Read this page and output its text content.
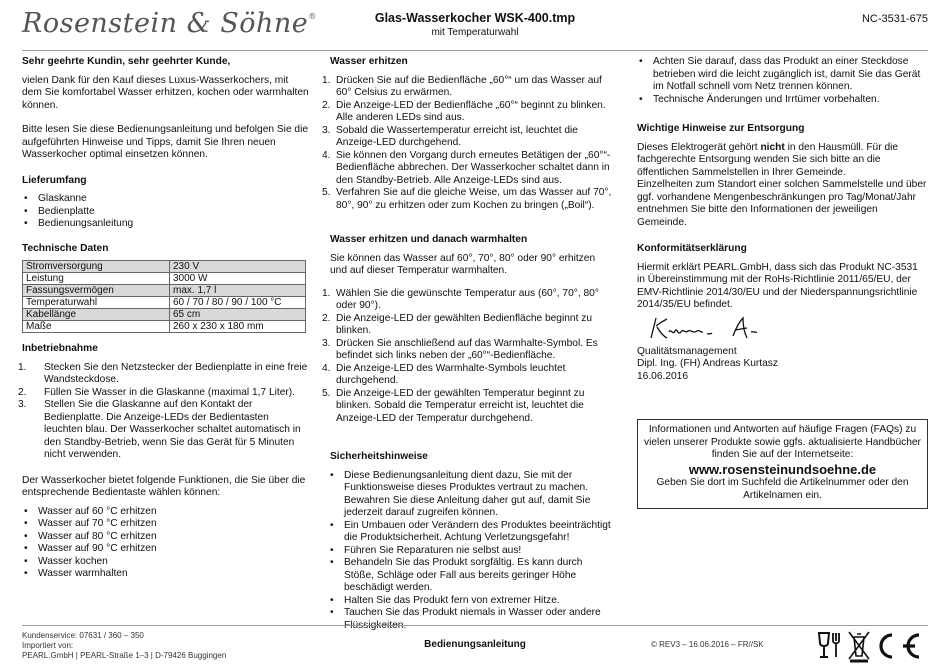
Rosenstein & Söhne®	Glas-Wasserkocher WSK-400.tmp
mit Temperaturwahl
NC-3531-675
Sehr geehrte Kundin, sehr geehrter Kunde,

vielen Dank für den Kauf dieses Luxus-Wasserkochers, mit dem Sie komfortabel Wasser erhitzen, kochen oder warmhalten können.

Bitte lesen Sie diese Bedienungsanleitung und befolgen Sie die aufgeführten Hinweise und Tipps, damit Sie Ihren neuen Wasserkocher optimal einsetzen können.

Lieferumfang
• Glaskanne
• Bedienplatte
• Bedienungsanleitung
Technische Daten
Stromversorgung	230 V
Leistung	3000 W
Fassungsvermögen	max. 1,7 l
Temperaturwahl	60 / 70 / 80 / 90 / 100 °C
Kabellänge	65 cm
Maße	260 x 230 x 180 mm
Inbetriebnahme
1. Stecken Sie den Netzstecker der Bedienplatte in eine freie Wandsteckdose.
2. Füllen Sie Wasser in die Glaskanne (maximal 1,7 Liter).
3. Stellen Sie die Glaskanne auf den Kontakt der Bedienplatte. Die Anzeige-LEDs der Bedientasten leuchten blau. Der Wasserkocher schaltet automatisch in den Standby-Betrieb, wenn Sie das Gerät für 5 Minuten nicht verwenden.

Der Wasserkocher bietet folgende Funktionen, die Sie über die entsprechende Bedientaste wählen können:

• Wasser auf 60 °C erhitzen
• Wasser auf 70 °C erhitzen
• Wasser auf 80 °C erhitzen
• Wasser auf 90 °C erhitzen
• Wasser kochen
• Wasser warmhalten
Wasser erhitzen
1. Drücken Sie auf die Bedienfläche „60°“ um das Wasser auf 60° Celsius zu erwärmen.
2. Die Anzeige-LED der Bedienfläche „60°“ beginnt zu blinken. Alle anderen LEDs sind aus.
3. Sobald die Wassertemperatur erreicht ist, leuchtet die Anzeige-LED durchgehend.
4. Sie können den Vorgang durch erneutes Betätigen der „60°“-Bedienfläche abbrechen. Der Wasserkocher schaltet dann in den Standby-Betrieb. Alle Anzeige-LEDs sind aus.
5. Verfahren Sie auf die gleiche Weise, um das Wasser auf 70°, 80°, 90° zu erhitzen oder zum Kochen zu bringen („Boil“).
Wasser erhitzen und danach warmhalten

Sie können das Wasser auf 60°, 70°, 80° oder 90° erhitzen und auf dieser Temperatur warmhalten.

1. Wählen Sie die gewünschte Temperatur aus (60°, 70°, 80° oder 90°).
2. Die Anzeige-LED der gewählten Bedienfläche beginnt zu blinken.
3. Drücken Sie anschließend auf das Warmhalte-Symbol. Es befindet sich links neben der „60°“-Bedienfläche.
4. Die Anzeige-LED des Warmhalte-Symbols leuchtet durchgehend.
5. Die Anzeige-LED der gewählten Temperatur beginnt zu blinken. Sobald die Temperatur erreicht ist, leuchtet die Anzeige-LED der Temperatur durchgehend.
Sicherheitshinweise
• Diese Bedienungsanleitung dient dazu, Sie mit der Funktionsweise dieses Produktes vertraut zu machen. Bewahren Sie diese Anleitung daher gut auf, damit Sie jederzeit darauf zugreifen können.
• Ein Umbauen oder Verändern des Produktes beeinträchtigt die Produktsicherheit. Achtung Verletzungsgefahr!
• Führen Sie Reparaturen nie selbst aus!
• Behandeln Sie das Produkt sorgfältig. Es kann durch Stöße, Schläge oder Fall aus bereits geringer Höhe beschädigt werden.
• Halten Sie das Produkt fern von extremer Hitze.
• Tauchen Sie das Produkt niemals in Wasser oder andere Flüssigkeiten.
• Achten Sie darauf, dass das Produkt an einer Steckdose betrieben wird die leicht zugänglich ist, damit Sie das Gerät im Notfall schnell vom Netz trennen können.
• Technische Änderungen und Irrtümer vorbehalten.
Wichtige Hinweise zur Entsorgung

Dieses Elektrogerät gehört nicht in den Hausmüll. Für die fachgerechte Entsorgung wenden Sie sich bitte an die öffentlichen Sammelstellen in Ihrer Gemeinde.

Einzelheiten zum Standort einer solchen Sammelstelle und über ggf. vorhandene Mengenbeschränkungen pro Tag/Monat/Jahr entnehmen Sie bitte den Informationen der jeweiligen Gemeinde.

Konformitätserklärung

Hiermit erklärt PEARL.GmbH, dass sich das Produkt NC-3531 in Übereinstimmung mit der RoHs-Richtlinie 2011/65/EU, der EMV-Richtlinie 2014/30/EU und der Niederspannungsrichtlinie 2014/35/EU befindet.

Qualitätsmanagement

Dipl. Ing. (FH) Andreas Kurtasz

16.06.2016

Informationen und Antworten auf häufige Fragen (FAQs) zu vielen unserer Produkte sowie ggfs. aktualisierte Handbücher finden Sie auf der Internetseite:

www.rosensteinundsoehne.de

Geben Sie dort im Suchfeld die Artikelnummer oder den Artikelnamen ein.

Kundenservice: 07631 / 360 – 350
Importiert von:
PEARL.GmbH | PEARL-Straße 1–3 | D-79426 Buggingen
Bedienungsanleitung	© REV3 – 16.06.2016 – FR//SK
